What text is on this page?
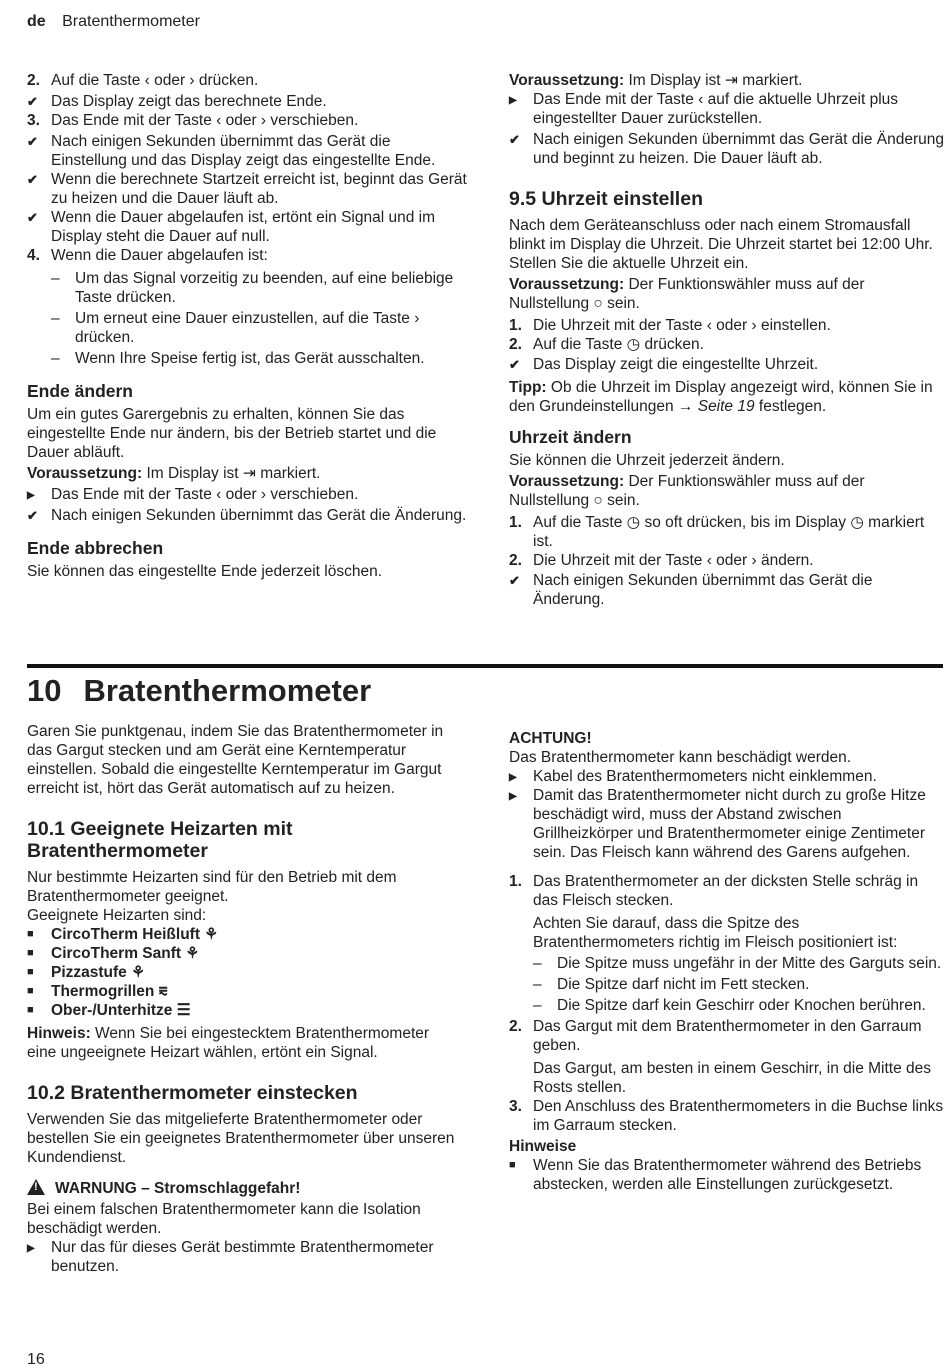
de Bratenthermometer
2. Auf die Taste ‹ oder › drücken.
✔ Das Display zeigt das berechnete Ende.
3. Das Ende mit der Taste ‹ oder › verschieben.
✔ Nach einigen Sekunden übernimmt das Gerät die Einstellung und das Display zeigt das eingestellte Ende.
✔ Wenn die berechnete Startzeit erreicht ist, beginnt das Gerät zu heizen und die Dauer läuft ab.
✔ Wenn die Dauer abgelaufen ist, ertönt ein Signal und im Display steht die Dauer auf null.
4. Wenn die Dauer abgelaufen ist:
– Um das Signal vorzeitig zu beenden, auf eine beliebige Taste drücken.
– Um erneut eine Dauer einzustellen, auf die Taste › drücken.
– Wenn Ihre Speise fertig ist, das Gerät ausschalten.
Ende ändern
Um ein gutes Garergebnis zu erhalten, können Sie das eingestellte Ende nur ändern, bis der Betrieb startet und die Dauer abläuft.
Voraussetzung: Im Display ist ⇥ markiert.
▶ Das Ende mit der Taste ‹ oder › verschieben.
✔ Nach einigen Sekunden übernimmt das Gerät die Änderung.
Ende abbrechen
Sie können das eingestellte Ende jederzeit löschen.
Voraussetzung: Im Display ist ⇥ markiert.
▶ Das Ende mit der Taste ‹ auf die aktuelle Uhrzeit plus eingestellter Dauer zurückstellen.
✔ Nach einigen Sekunden übernimmt das Gerät die Änderung und beginnt zu heizen. Die Dauer läuft ab.
9.5 Uhrzeit einstellen
Nach dem Geräteanschluss oder nach einem Stromausfall blinkt im Display die Uhrzeit. Die Uhrzeit startet bei 12:00 Uhr. Stellen Sie die aktuelle Uhrzeit ein.
Voraussetzung: Der Funktionswähler muss auf der Nullstellung ○ sein.
1. Die Uhrzeit mit der Taste ‹ oder › einstellen.
2. Auf die Taste ◷ drücken.
✔ Das Display zeigt die eingestellte Uhrzeit.
Tipp: Ob die Uhrzeit im Display angezeigt wird, können Sie in den Grundeinstellungen → Seite 19 festlegen.
Uhrzeit ändern
Sie können die Uhrzeit jederzeit ändern.
Voraussetzung: Der Funktionswähler muss auf der Nullstellung ○ sein.
1. Auf die Taste ◷ so oft drücken, bis im Display ◷ markiert ist.
2. Die Uhrzeit mit der Taste ‹ oder › ändern.
✔ Nach einigen Sekunden übernimmt das Gerät die Änderung.
10 Bratenthermometer
Garen Sie punktgenau, indem Sie das Bratenthermometer in das Gargut stecken und am Gerät eine Kerntemperatur einstellen. Sobald die eingestellte Kerntemperatur im Gargut erreicht ist, hört das Gerät automatisch auf zu heizen.
10.1 Geeignete Heizarten mit Bratenthermometer
Nur bestimmte Heizarten sind für den Betrieb mit dem Bratenthermometer geeignet.
Geeignete Heizarten sind:
■ CircoTherm Heißluft ⚘
■ CircoTherm Sanft ⚘
■ Pizzastufe ⚘
■ Thermogrillen ⩳
■ Ober-/Unterhitze ☰
Hinweis: Wenn Sie bei eingestecktem Bratenthermometer eine ungeeignete Heizart wählen, ertönt ein Signal.
10.2 Bratenthermometer einstecken
Verwenden Sie das mitgelieferte Bratenthermometer oder bestellen Sie ein geeignetes Bratenthermometer über unseren Kundendienst.
!WARNUNG – Stromschlaggefahr!
Bei einem falschen Bratenthermometer kann die Isolation beschädigt werden.
▶ Nur das für dieses Gerät bestimmte Bratenthermometer benutzen.
ACHTUNG!
Das Bratenthermometer kann beschädigt werden.
▶ Kabel des Bratenthermometers nicht einklemmen.
▶ Damit das Bratenthermometer nicht durch zu große Hitze beschädigt wird, muss der Abstand zwischen Grillheizkörper und Bratenthermometer einige Zentimeter sein. Das Fleisch kann während des Garens aufgehen.
1. Das Bratenthermometer an der dicksten Stelle schräg in das Fleisch stecken.
Achten Sie darauf, dass die Spitze des Bratenthermometers richtig im Fleisch positioniert ist:
– Die Spitze muss ungefähr in der Mitte des Garguts sein.
– Die Spitze darf nicht im Fett stecken.
– Die Spitze darf kein Geschirr oder Knochen berühren.
2. Das Gargut mit dem Bratenthermometer in den Garraum geben.
Das Gargut, am besten in einem Geschirr, in die Mitte des Rosts stellen.
3. Den Anschluss des Bratenthermometers in die Buchse links im Garraum stecken.
Hinweise
■ Wenn Sie das Bratenthermometer während des Betriebs abstecken, werden alle Einstellungen zurückgesetzt.
16
